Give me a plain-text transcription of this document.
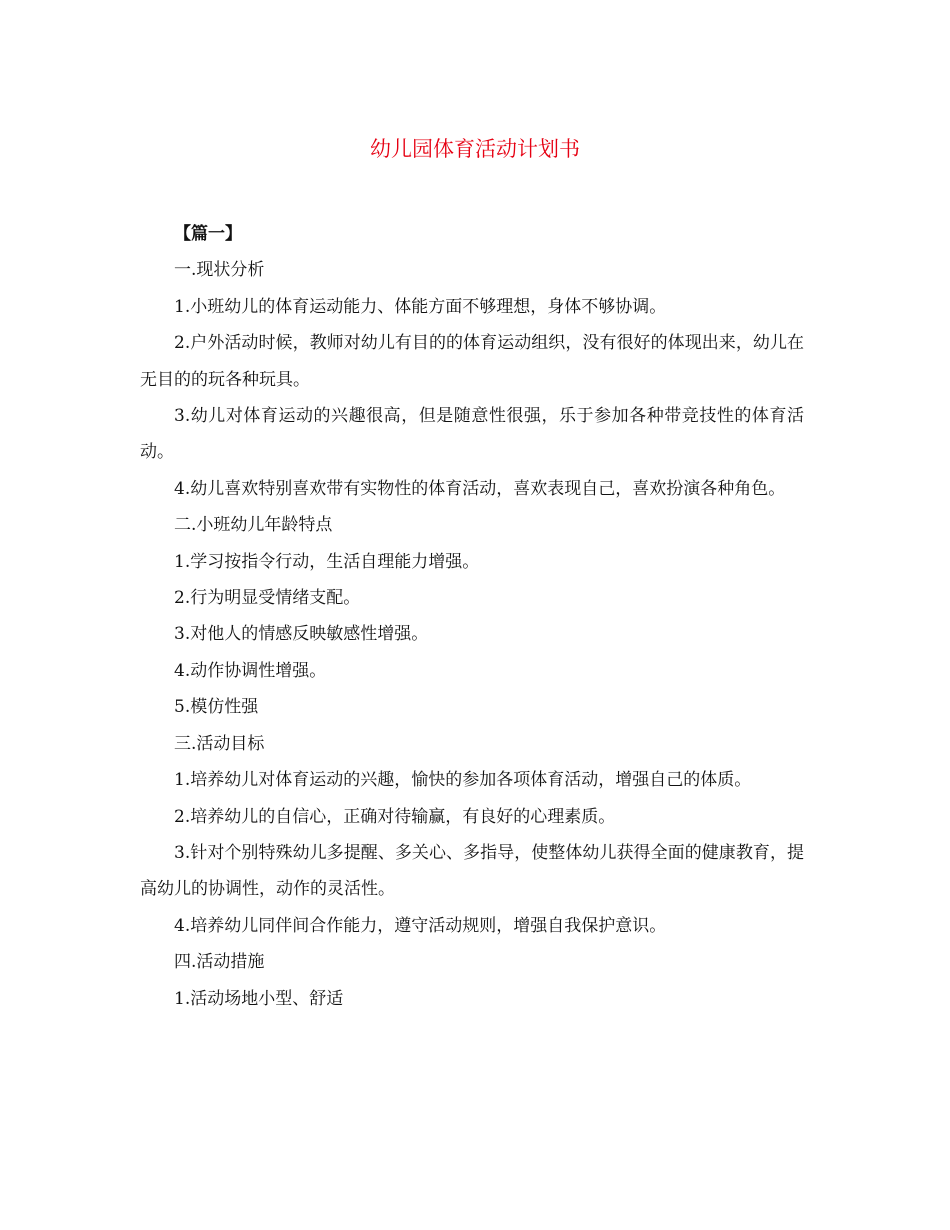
幼儿园体育活动计划书

【篇一】

一.现状分析

1.小班幼儿的体育运动能力、体能方面不够理想，身体不够协调。

2.户外活动时候，教师对幼儿有目的的体育运动组织，没有很好的体现出来，幼儿在无目的的玩各种玩具。

3.幼儿对体育运动的兴趣很高，但是随意性很强，乐于参加各种带竞技性的体育活动。

4.幼儿喜欢特别喜欢带有实物性的体育活动，喜欢表现自己，喜欢扮演各种角色。

二.小班幼儿年龄特点

1.学习按指令行动，生活自理能力增强。

2.行为明显受情绪支配。

3.对他人的情感反映敏感性增强。

4.动作协调性增强。

5.模仿性强

三.活动目标

1.培养幼儿对体育运动的兴趣，愉快的参加各项体育活动，增强自己的体质。

2.培养幼儿的自信心，正确对待输赢，有良好的心理素质。

3.针对个别特殊幼儿多提醒、多关心、多指导，使整体幼儿获得全面的健康教育，提高幼儿的协调性，动作的灵活性。

4.培养幼儿同伴间合作能力，遵守活动规则，增强自我保护意识。

四.活动措施

1.活动场地小型、舒适
